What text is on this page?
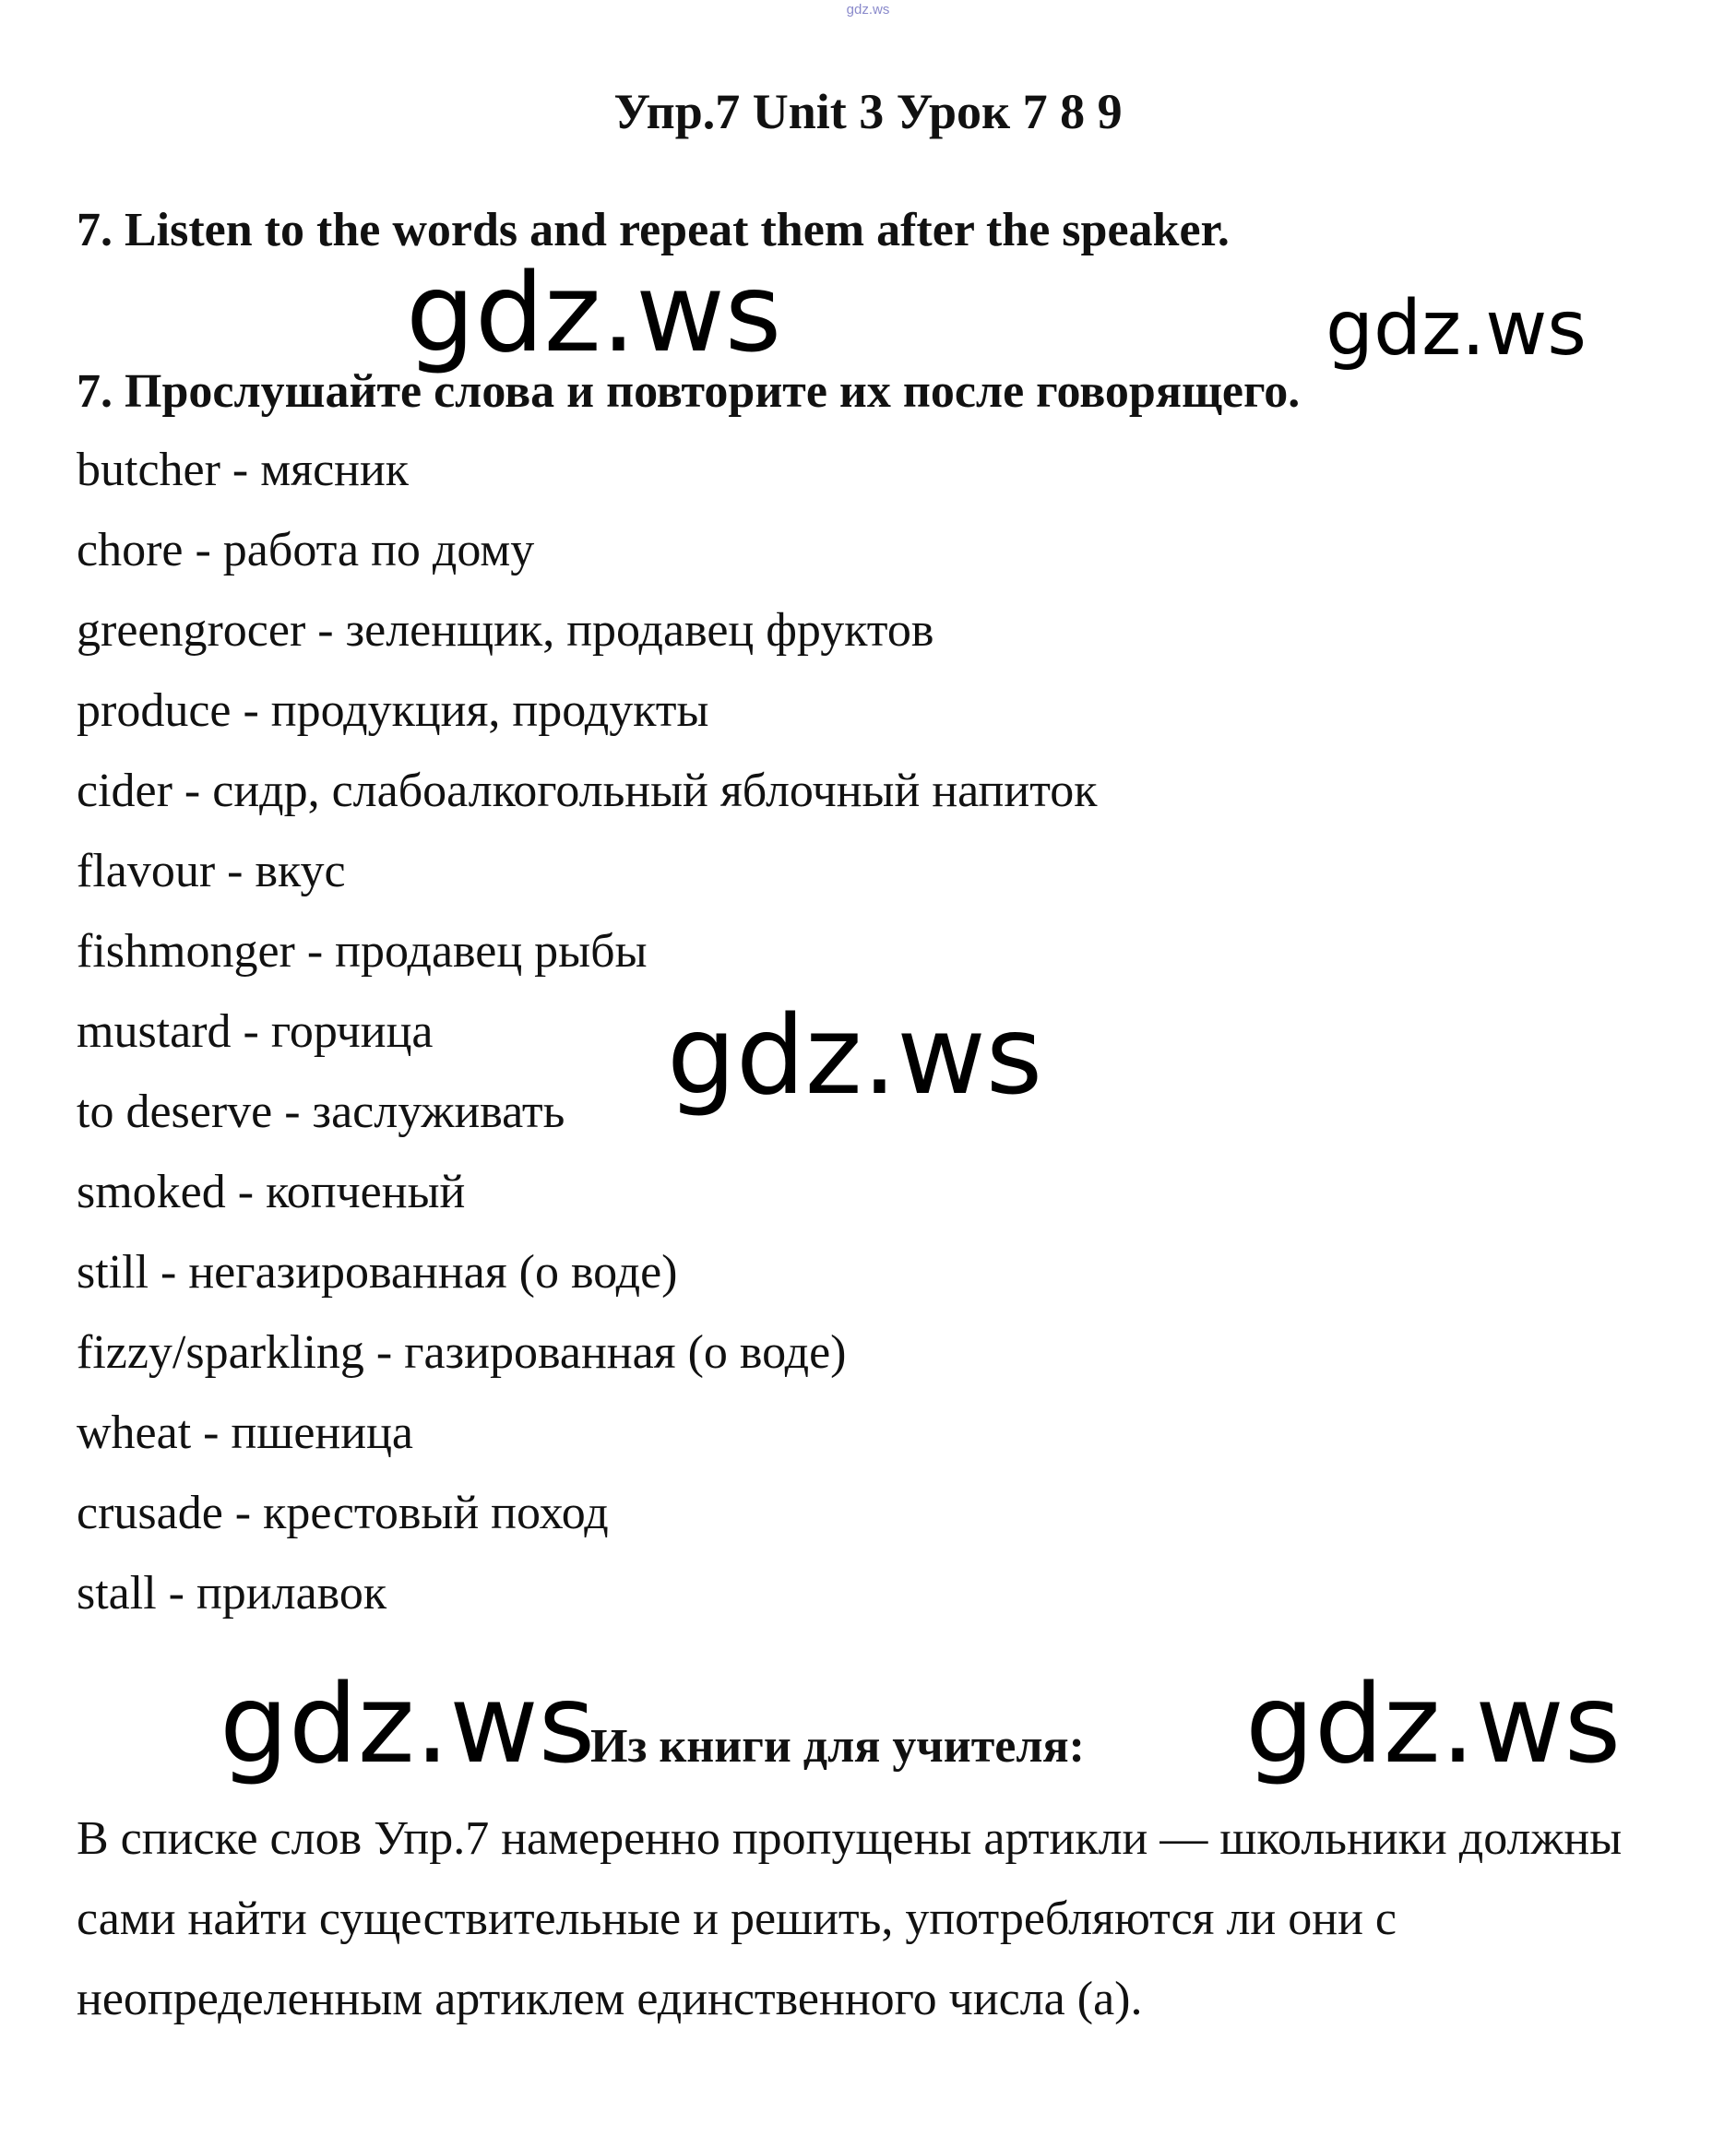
gdz.ws
Упр.7 Unit 3 Урок 7 8 9
7. Listen to the words and repeat them after the speaker.
7. Прослушайте слова и повторите их после говорящего.
butcher - мясник
chore - работа по дому
greengrocer - зеленщик, продавец фруктов
produce - продукция, продукты
cider - сидр, слабоалкогольный яблочный напиток
flavour - вкус
fishmonger - продавец рыбы
mustard - горчица
to deserve - заслуживать
smoked - копченый
still - негазированная (о воде)
fizzy/sparkling - газированная (о воде)
wheat - пшеница
crusade - крестовый поход
stall - прилавок
Из книги для учителя:

В списке слов Упр.7 намеренно пропущены артикли — школьники должны сами найти существительные и решить, употребляются ли они с неопределенным артиклем единственного числа (а).

gdz.ws	gdz.ws
gdz.ws
gdz.ws	gdz.ws
